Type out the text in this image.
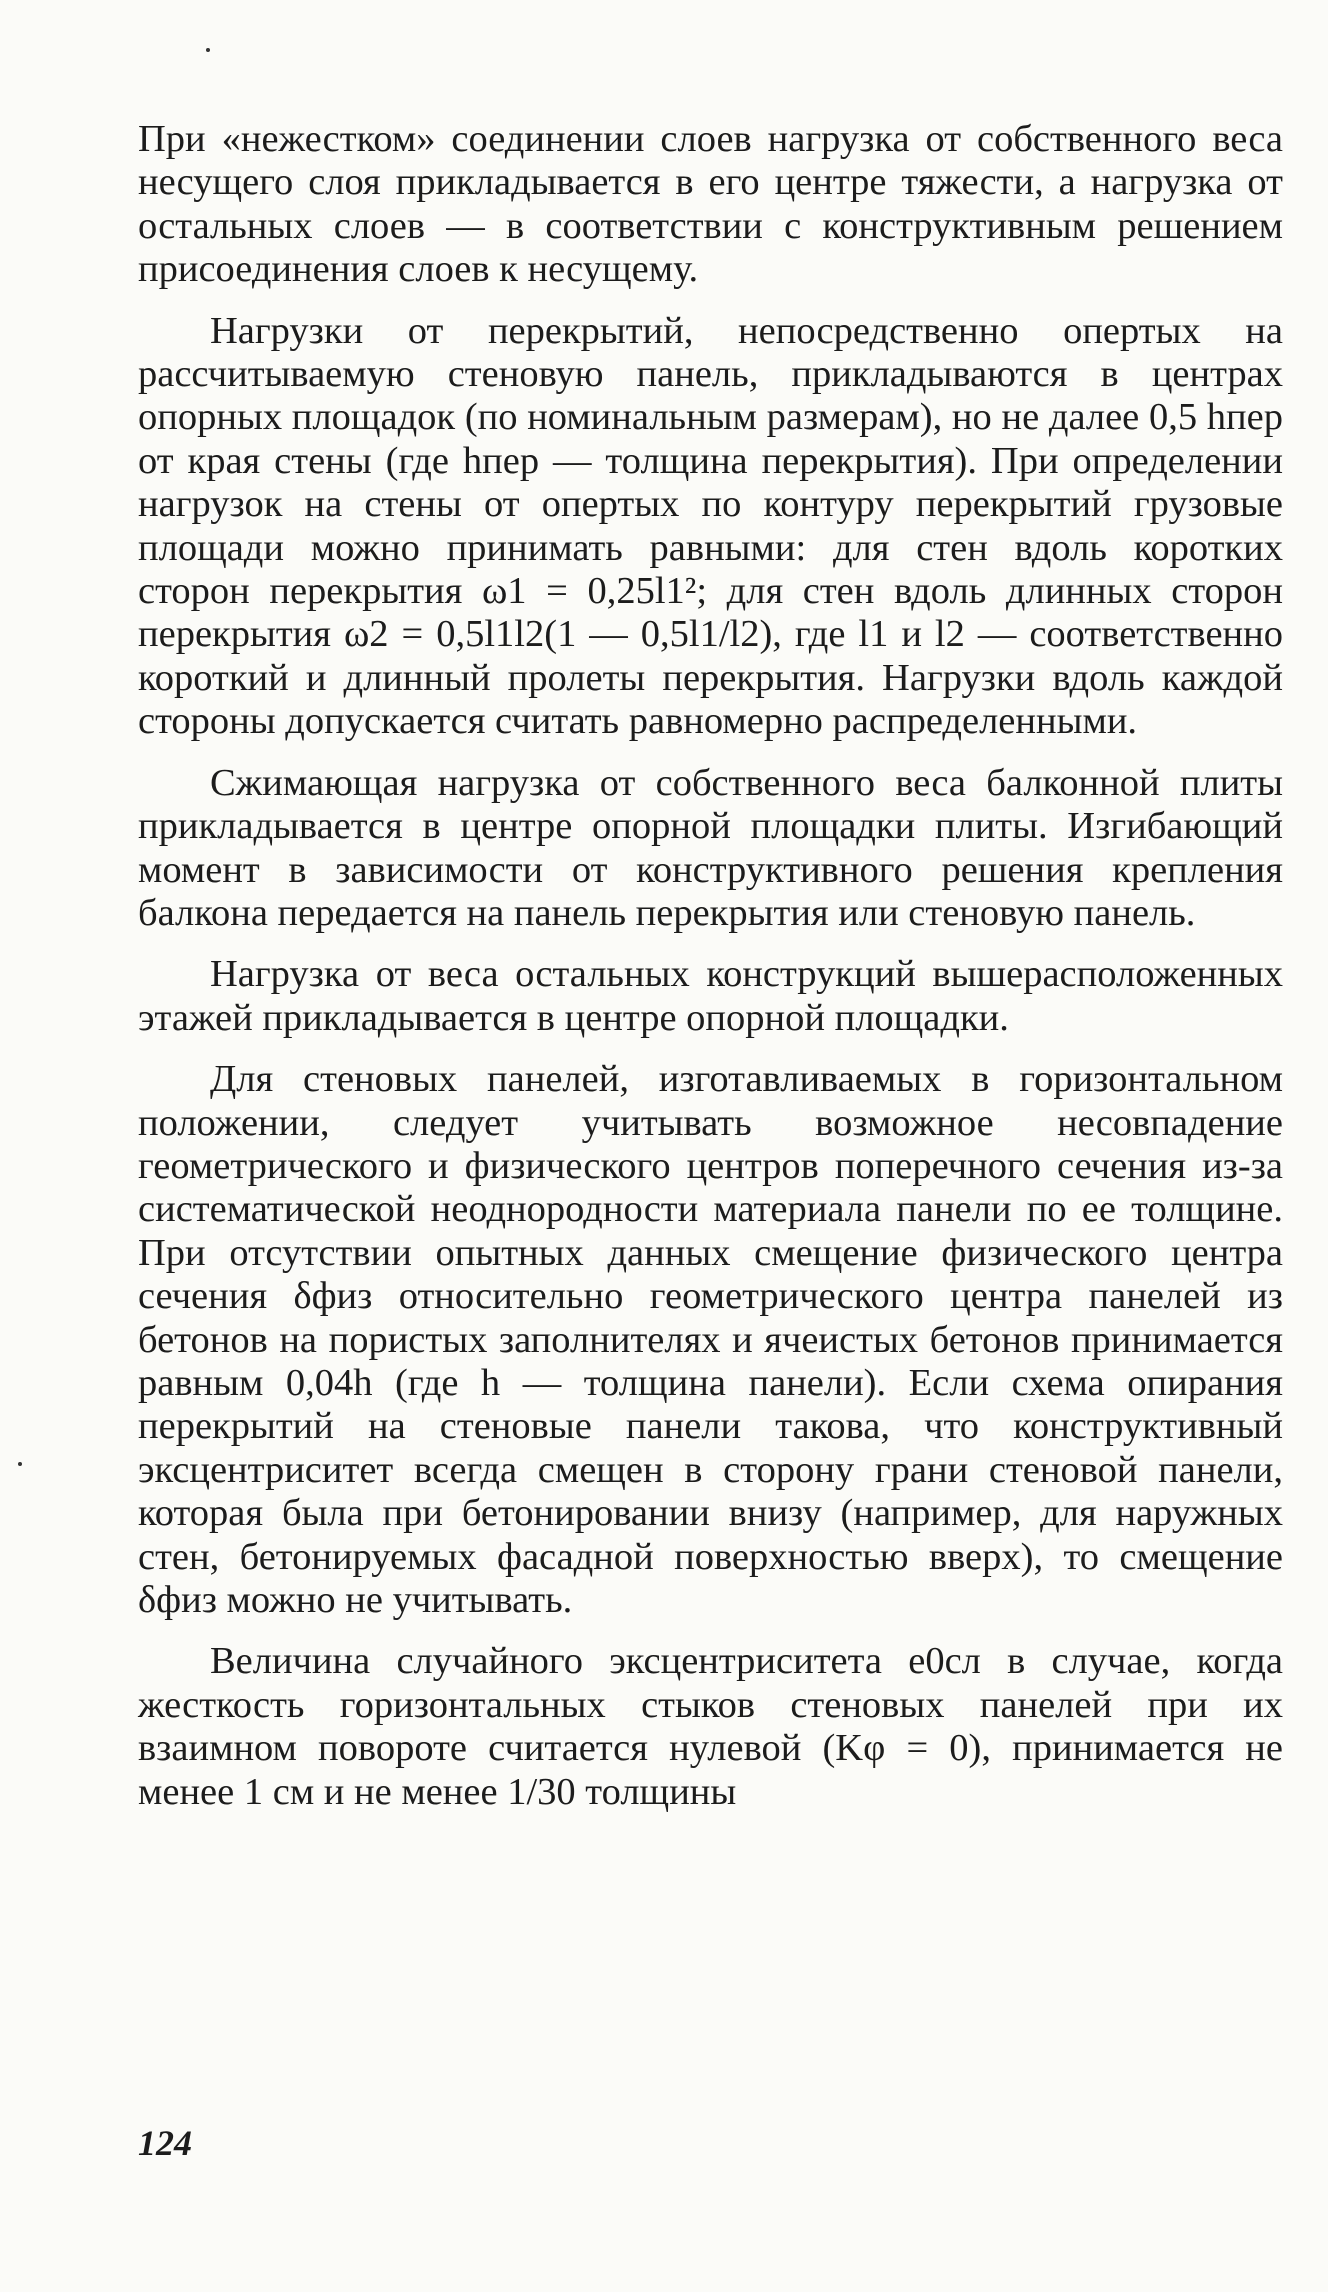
При «нежестком» соединении слоев нагрузка от собственного веса несущего слоя прикладывается в его центре тяжести, а нагрузка от остальных слоев — в соответствии с конструктивным решением присоединения слоев к несущему.

Нагрузки от перекрытий, непосредственно опертых на рассчитываемую стеновую панель, прикладываются в центрах опорных площадок (по номинальным размерам), но не далее 0,5 hпер от края стены (где hпер — толщина перекрытия). При определении нагрузок на стены от опертых по контуру перекрытий грузовые площади можно принимать равными: для стен вдоль коротких сторон перекрытия ω1 = 0,25l1²; для стен вдоль длинных сторон перекрытия ω2 = 0,5l1l2(1 — 0,5l1/l2), где l1 и l2 — соответственно короткий и длинный пролеты перекрытия. Нагрузки вдоль каждой стороны допускается считать равномерно распределенными.

Сжимающая нагрузка от собственного веса балконной плиты прикладывается в центре опорной площадки плиты. Изгибающий момент в зависимости от конструктивного решения крепления балкона передается на панель перекрытия или стеновую панель.

Нагрузка от веса остальных конструкций вышерасположенных этажей прикладывается в центре опорной площадки.

Для стеновых панелей, изготавливаемых в горизонтальном положении, следует учитывать возможное несовпадение геометрического и физического центров поперечного сечения из-за систематической неоднородности материала панели по ее толщине. При отсутствии опытных данных смещение физического центра сечения δфиз относительно геометрического центра панелей из бетонов на пористых заполнителях и ячеистых бетонов принимается равным 0,04h (где h — толщина панели). Если схема опирания перекрытий на стеновые панели такова, что конструктивный эксцентриситет всегда смещен в сторону грани стеновой панели, которая была при бетонировании внизу (например, для наружных стен, бетонируемых фасадной поверхностью вверх), то смещение δфиз можно не учитывать.

Величина случайного эксцентриситета e0сл в случае, когда жесткость горизонтальных стыков стеновых панелей при их взаимном повороте считается нулевой (Kφ = 0), принимается не менее 1 см и не менее 1/30 толщины

124
